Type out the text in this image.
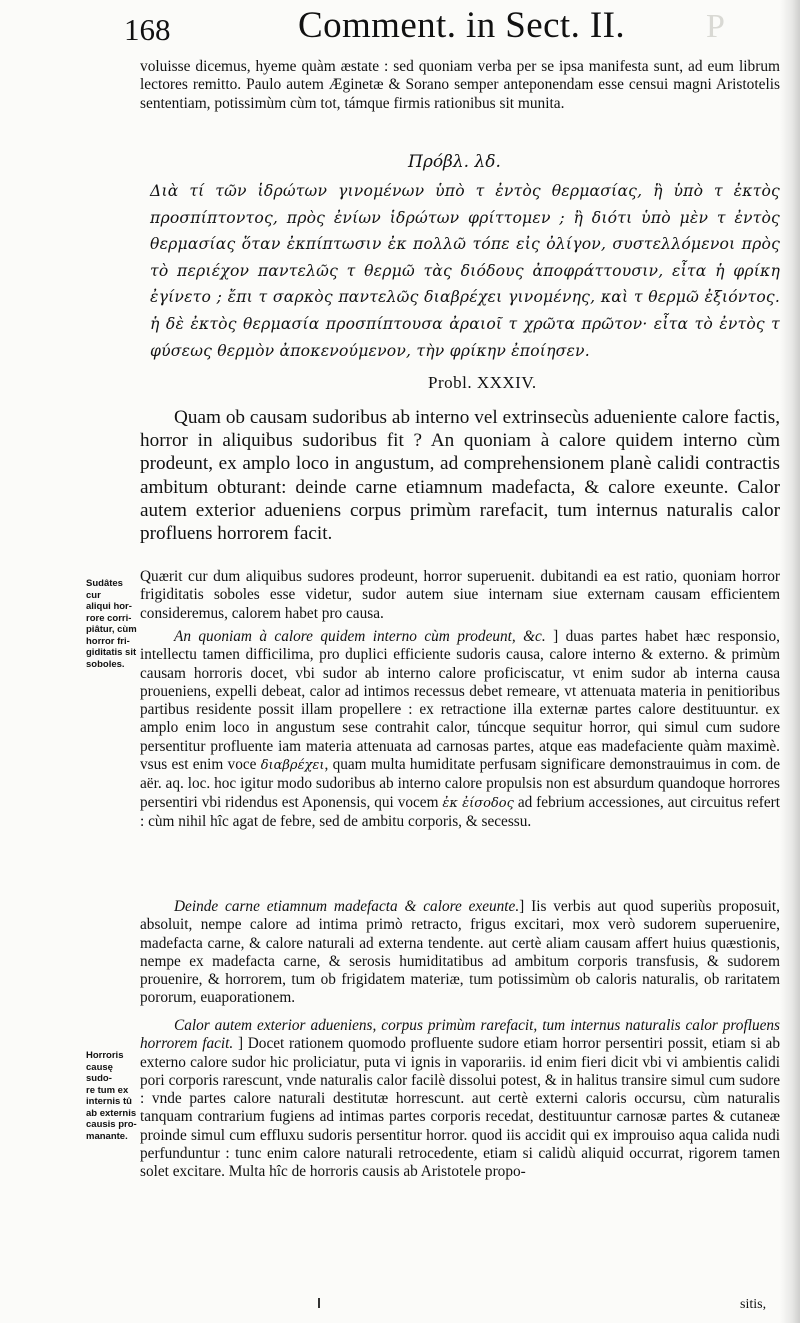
168	Comment. in Sect. II. P
voluisse dicemus, hyeme quàm æstate : sed quoniam verba per se ipsa manifesta sunt, ad eum librum lectores remitto. Paulo autem Æginetæ & Sorano semper anteponendam esse censui magni Aristotelis sententiam, potissimùm cùm tot, támque firmis rationibus sit munita.
Πρόβλ. λδ.
Διὰ τί τῶν ἱδρώτων γινομένων ὑπὸ τ ἐντὸς θερμασίας, ἢ ὑπὸ τ ἐκτὸς προσπίπτοντος, πρὸς ἐνίων ἱδρώτων φρίττομεν ; ἢ διότι ὑπὸ μὲν τ ἐντὸς θερμασίας ὅταν ἐκπίπτωσιν ἐκ πολλῶ τόπε εἰς ὀλίγον, συστελλόμενοι πρὸς τὸ περιέχον παντελῶς τ θερμῶ τὰς διόδους ἀποφράττουσιν, εἶτα ἡ φρίκη ἐγίνετο ; ἔπι τ σαρκὸς παντελῶς διαβρέχει γινομένης, καὶ τ θερμῶ ἐξιόντος. ἡ δὲ ἐκτὸς θερμασία προσπίπτουσα ἀραιοῖ τ χρῶτα πρῶτον· εἶτα τὸ ἐντὸς τ φύσεως θερμὸν ἀποκενούμενον, τὴν φρίκην ἐποίησεν.
Probl. XXXIV.
Quam ob causam sudoribus ab interno vel extrinsecùs adueniente calore factis, horror in aliquibus sudoribus fit ? An quoniam à calore quidem interno cùm prodeunt, ex amplo loco in angustum, ad comprehensionem planè calidi contractis ambitum obturant: deinde carne etiamnum madefacta, & calore exeunte. Calor autem exterior adueniens corpus primùm rarefacit, tum internus naturalis calor profluens horrorem facit.
Sudâtes cur
aliqui hor-
rore corri-
piâtur, cùm
horror fri-
giditatis sit
soboles.
Horroris
causę sudo-
re tum ex
internis tû
ab externis
causis pro-
manante.
Quærit cur dum aliquibus sudores prodeunt, horror superuenit. dubitandi ea est ratio, quoniam horror frigiditatis soboles esse videtur, sudor autem siue internam siue externam causam efficientem consideremus, calorem habet pro causa.
An quoniam à calore quidem interno cùm prodeunt, &c. ] duas partes habet hæc responsio, intellectu tamen difficilima, pro duplici efficiente sudoris causa, calore interno & externo. & primùm causam horroris docet, vbi sudor ab interno calore proficiscatur, vt enim sudor ab interna causa proueniens, expelli debeat, calor ad intimos recessus debet remeare, vt attenuata materia in penitioribus partibus residente possit illam propellere : ex retractione illa externæ partes calore destituuntur. ex amplo enim loco in angustum sese contrahit calor, túncque sequitur horror, qui simul cum sudore persentitur profluente iam materia attenuata ad carnosas partes, atque eas madefaciente quàm maximè. vsus est enim voce διαβρέχει, quam multa humiditate perfusam significare demonstrauimus in com. de aër. aq. loc. hoc igitur modo sudoribus ab interno calore propulsis non est absurdum quandoque horrores persentiri vbi ridendus est Aponensis, qui vocem ἐκ ἐίσοδος ad febrium accessiones, aut circuitus refert : cùm nihil hîc agat de febre, sed de ambitu corporis, & secessu.
Deinde carne etiamnum madefacta & calore exeunte.] Iis verbis aut quod superiùs proposuit, absoluit, nempe calore ad intima primò retracto, frigus excitari, mox verò sudorem superuenire, madefacta carne, & calore naturali ad externa tendente. aut certè aliam causam affert huius quæstionis, nempe ex madefacta carne, & serosis humiditatibus ad ambitum corporis transfusis, & sudorem prouenire, & horrorem, tum ob frigidatem materiæ, tum potissimùm ob caloris naturalis, ob raritatem pororum, euaporationem.
Calor autem exterior adueniens, corpus primùm rarefacit, tum internus naturalis calor profluens horrorem facit. ] Docet rationem quomodo profluente sudore etiam horror persentiri possit, etiam si ab externo calore sudor hic proliciatur, puta vi ignis in vaporariis. id enim fieri dicit vbi vi ambientis calidi pori corporis rarescunt, vnde naturalis calor facilè dissolui potest, & in halitus transire simul cum sudore : vnde partes calore naturali destitutæ horrescunt. aut certè externi caloris occursu, cùm naturalis tanquam contrarium fugiens ad intimas partes corporis recedat, destituuntur carnosæ partes & cutaneæ proinde simul cum effluxu sudoris persentitur horror. quod iis accidit qui ex improuiso aqua calida nudi perfunduntur : tunc enim calore naturali retrocedente, etiam si calidù aliquid occurrat, rigorem tamen solet excitare. Multa hîc de horroris causis ab Aristotele propo-
sitis,
